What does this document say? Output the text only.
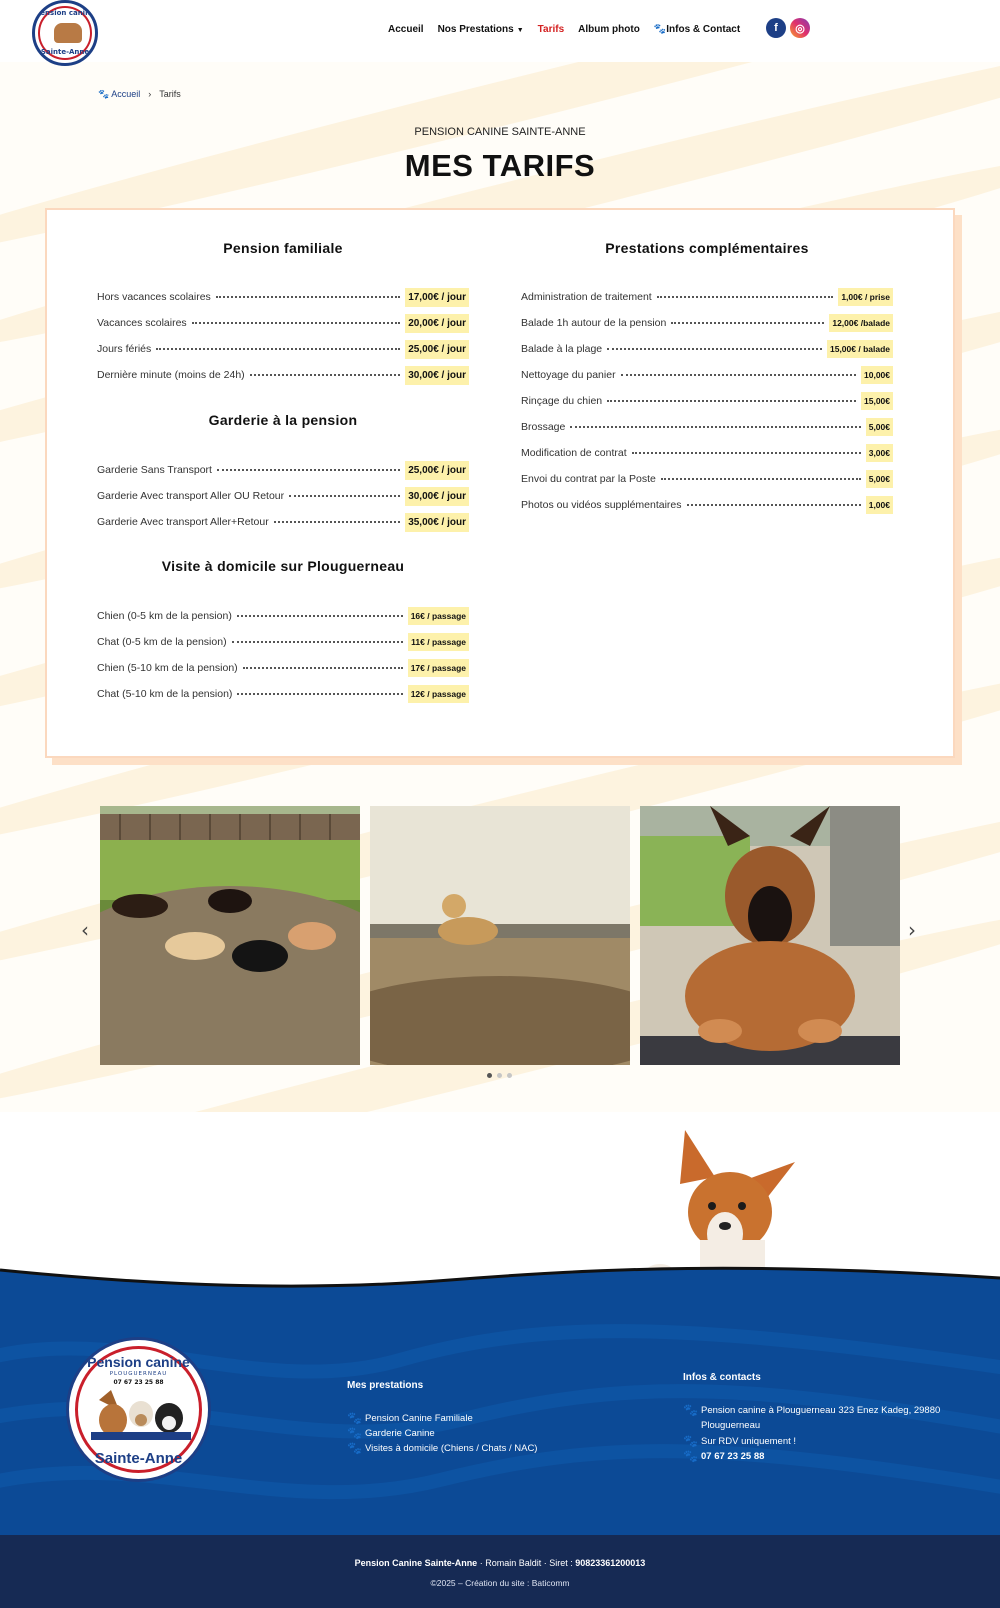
Pension canine
Sainte-Anne
Accueil Nos Prestations ▼ Tarifs Album photo 🐾Infos & Contact	f	◎
🐾 Accueil › Tarifs
PENSION CANINE SAINTE-ANNE
MES TARIFS
Pension familiale
Hors vacances scolaires	17,00€ / jour
Vacances scolaires	20,00€ / jour
Jours fériés	25,00€ / jour
Dernière minute (moins de 24h)	30,00€ / jour
Garderie à la pension
Garderie Sans Transport	25,00€ / jour
Garderie Avec transport Aller OU Retour	30,00€ / jour
Garderie Avec transport Aller+Retour	35,00€ / jour
Visite à domicile sur Plouguerneau
Chien (0-5 km de la pension)	16€ / passage
Chat (0-5 km de la pension)	11€ / passage
Chien (5-10 km de la pension)	17€ / passage
Chat (5-10 km de la pension)	12€ / passage
Prestations complémentaires
Administration de traitement	1,00€ / prise
Balade 1h autour de la pension	12,00€ /balade
Balade à la plage	15,00€ / balade
Nettoyage du panier	10,00€
Rinçage du chien	15,00€
Brossage	5,00€
Modification de contrat	3,00€
Envoi du contrat par la Poste	5,00€
Photos ou vidéos supplémentaires	1,00€
‹	›
Pension canine
PLOUGUERNEAU
07 67 23 25 88
Sainte-Anne
Mes prestations
🐾 Pension Canine Familiale
🐾 Garderie Canine
🐾 Visites à domicile (Chiens / Chats / NAC)
Infos & contacts
🐾 Pension canine à Plouguerneau 323 Enez Kadeg, 29880
Plouguerneau
🐾 Sur RDV uniquement !
🐾 07 67 23 25 88
Pension Canine Sainte-Anne · Romain Baldit · Siret : 90823361200013
©2025 – Création du site : Baticomm
